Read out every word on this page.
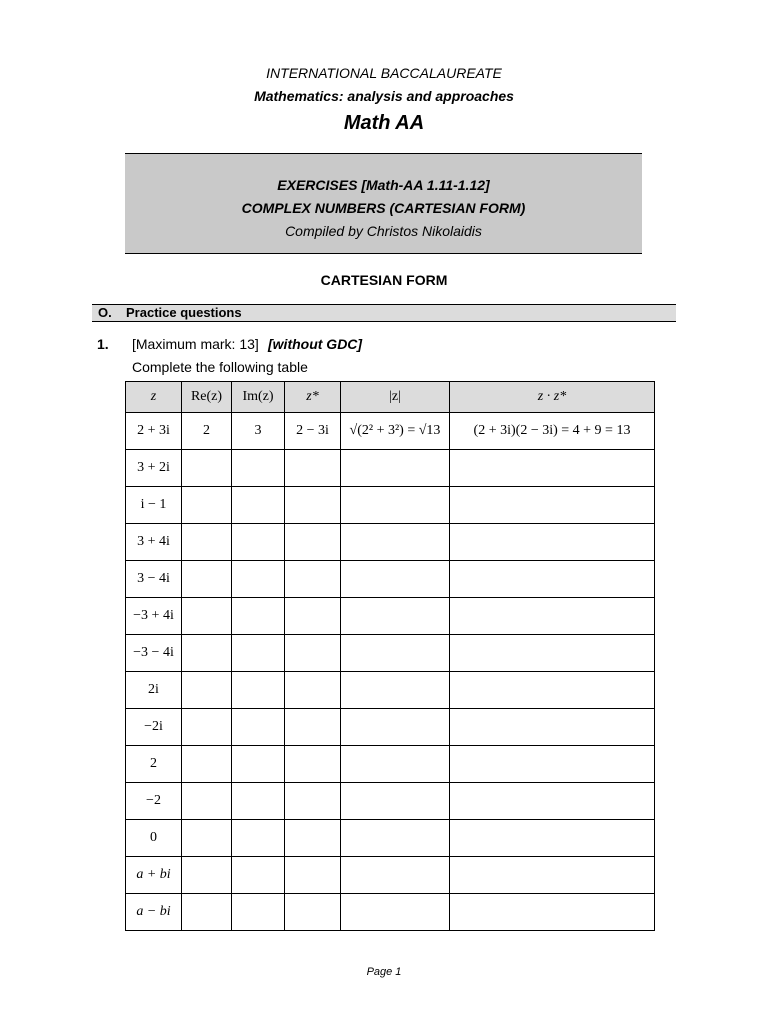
INTERNATIONAL BACCALAUREATE
Mathematics: analysis and approaches
Math AA
EXERCISES [Math-AA 1.11-1.12]
COMPLEX NUMBERS (CARTESIAN FORM)
Compiled by Christos Nikolaidis
CARTESIAN FORM
O. Practice questions
1. [Maximum mark: 13] [without GDC]
Complete the following table
z	Re(z)	Im(z)	z*	|z|	z · z*
2 + 3i	2	3	2 − 3i	√(2² + 3²) = √13	(2 + 3i)(2 − 3i) = 4 + 9 = 13
3 + 2i					
i − 1					
3 + 4i					
3 − 4i					
−3 + 4i					
−3 − 4i					
2i					
−2i					
2					
−2					
0					
a + bi					
a − bi					
Page 1
